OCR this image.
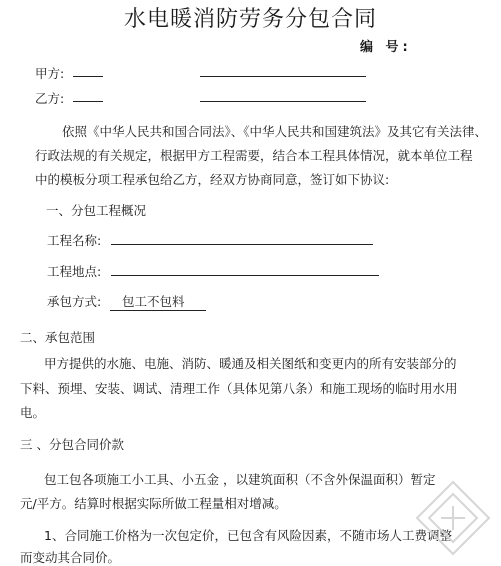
水电暖消防劳务分包合同
编 号:
甲方:
乙方:
依照《中华人民共和国合同法》、《中华人民共和国建筑法》及其它有关法律、
行政法规的有关规定，根据甲方工程需要，结合本工程具体情况，就本单位工程
中的模板分项工程承包给乙方，经双方协商同意，签订如下协议:
一、分包工程概况
工程名称:
工程地点:
承包方式:	包工不包料
二、承包范围
甲方提供的水施、电施、消防、暖通及相关图纸和变更内的所有安装部分的
下料、预埋、安装、调试、清理工作（具体见第八条）和施工现场的临时用水用
电。
三 、分包合同价款
包工包各项施工小工具、小五金 ，以建筑面积（不含外保温面积）暂定
元/平方。结算时根据实际所做工程量相对增减。
1、合同施工价格为一次包定价，已包含有风险因素，不随市场人工费调整
而变动其合同价。
